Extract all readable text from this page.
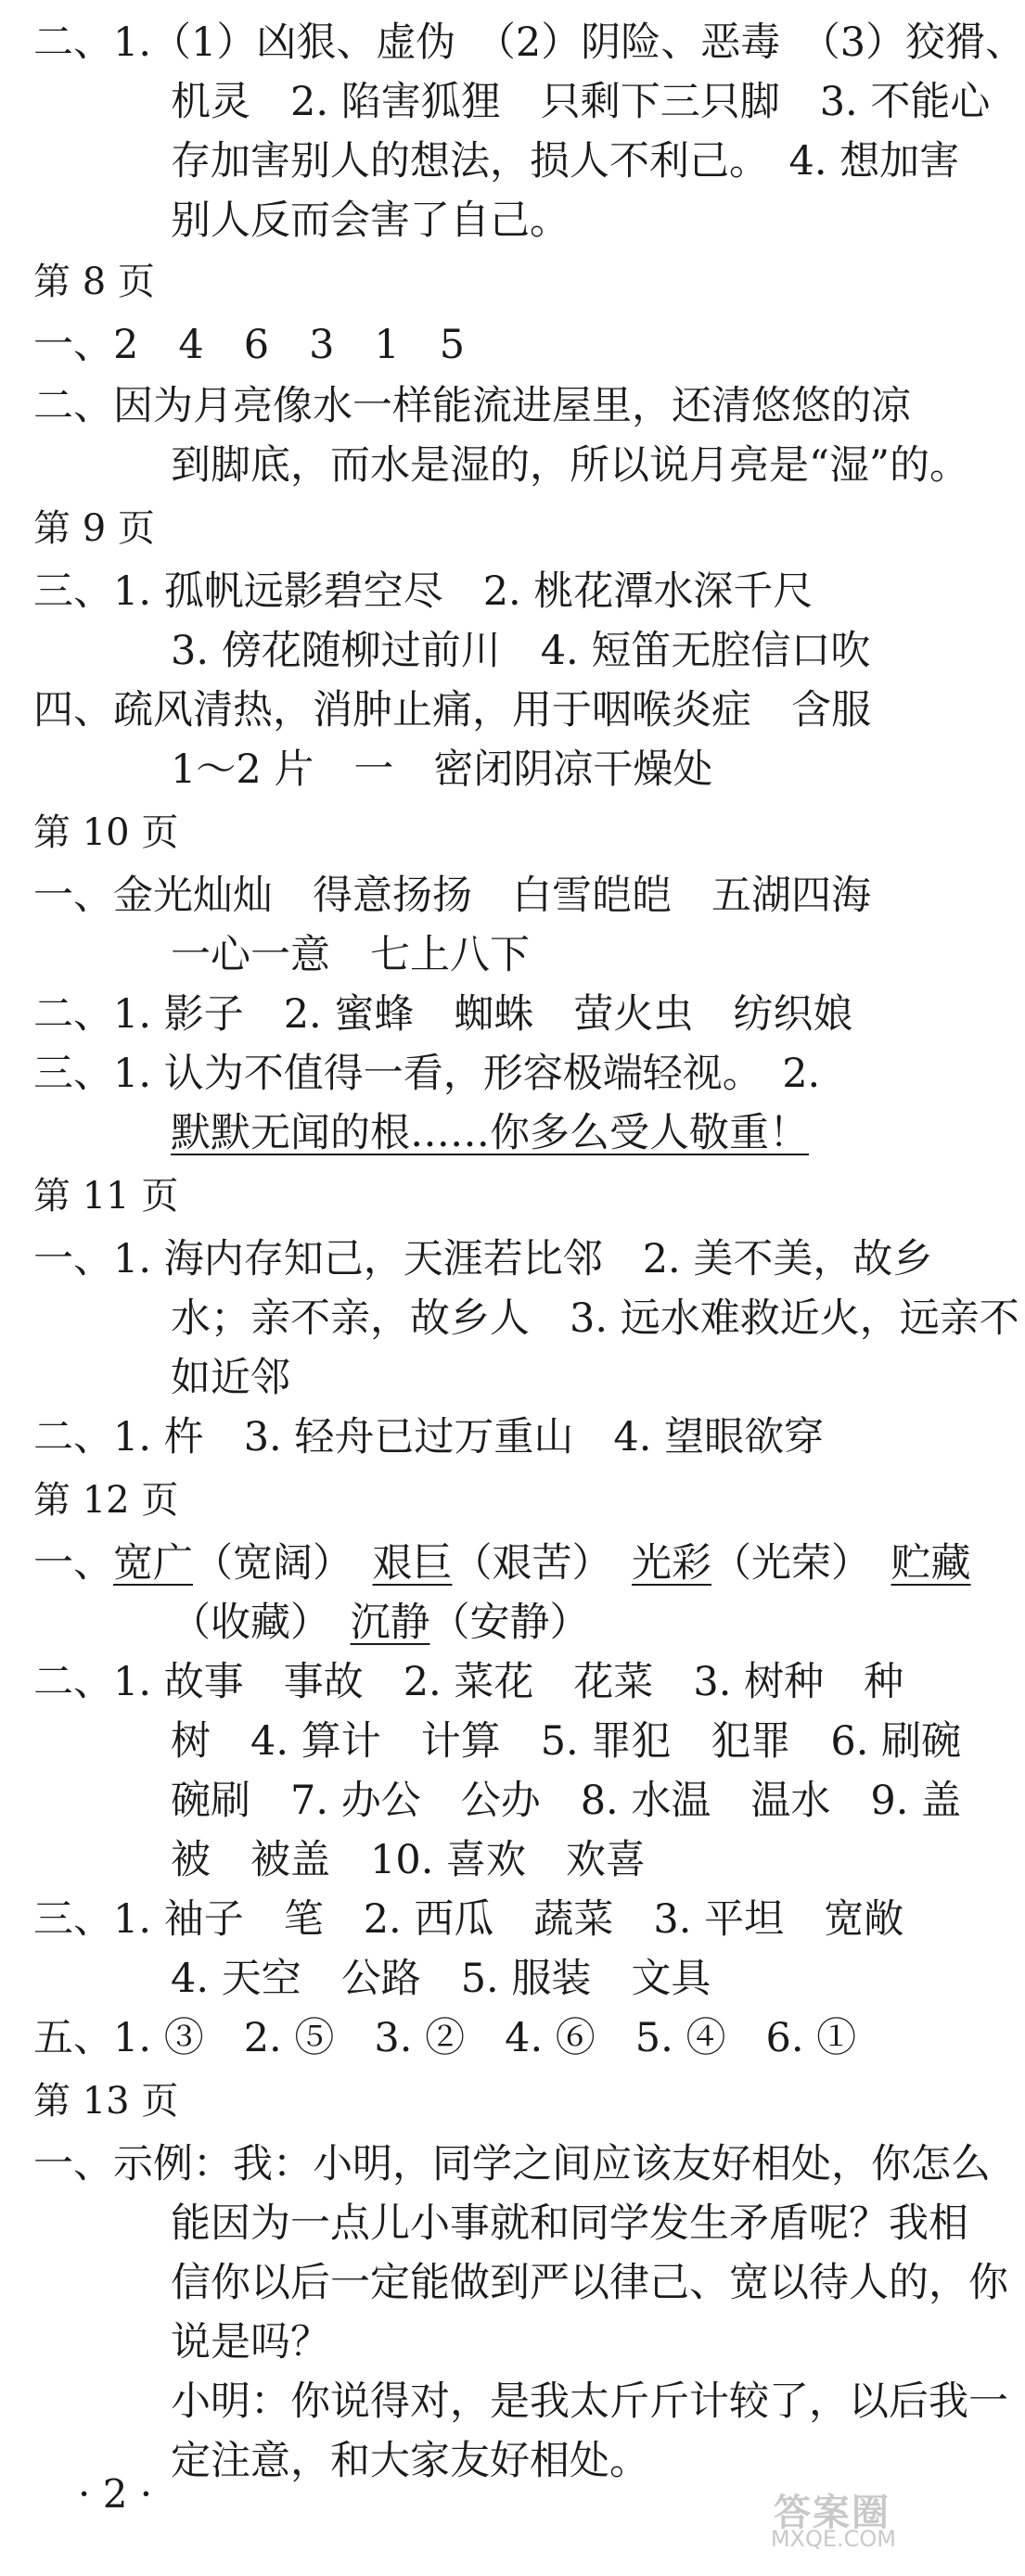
二、1.（1）凶狠、虚伪　（2）阴险、恶毒　（3）狡猾、
机灵　2. 陷害狐狸　只剩下三只脚　3. 不能心
存加害别人的想法，损人不利己。　4. 想加害
别人反而会害了自己。
第 8 页
一、2　4　6　3　1　5
二、因为月亮像水一样能流进屋里，还清悠悠的凉
到脚底，而水是湿的，所以说月亮是“湿”的。
第 9 页
三、1. 孤帆远影碧空尽　2. 桃花潭水深千尺
3. 傍花随柳过前川　4. 短笛无腔信口吹
四、疏风清热，消肿止痛，用于咽喉炎症　含服
1～2 片　一　密闭阴凉干燥处
第 10 页
一、金光灿灿　得意扬扬　白雪皑皑　五湖四海
一心一意　七上八下
二、1. 影子　2. 蜜蜂　蜘蛛　萤火虫　纺织娘
三、1. 认为不值得一看，形容极端轻视。　2.
默默无闻的根……你多么受人敬重！
第 11 页
一、1. 海内存知己，天涯若比邻　2. 美不美，故乡
水；亲不亲，故乡人　3. 远水难救近火，远亲不
如近邻
二、1. 杵　3. 轻舟已过万重山　4. 望眼欲穿
第 12 页
一、宽广（宽阔）　艰巨（艰苦）　光彩（光荣）　贮藏
（收藏）　沉静（安静）
二、1. 故事　事故　2. 菜花　花菜　3. 树种　种
树　4. 算计　计算　5. 罪犯　犯罪　6. 刷碗
碗刷　7. 办公　公办　8. 水温　温水　9. 盖
被　被盖　10. 喜欢　欢喜
三、1. 袖子　笔　2. 西瓜　蔬菜　3. 平坦　宽敞
4. 天空　公路　5. 服装　文具
五、1. ③　2. ⑤　3. ②　4. ⑥　5. ④　6. ①
第 13 页
一、示例：我：小明，同学之间应该友好相处，你怎么
能因为一点儿小事就和同学发生矛盾呢？我相
信你以后一定能做到严以律己、宽以待人的，你
说是吗？
小明：你说得对，是我太斤斤计较了，以后我一
定注意，和大家友好相处。
· 2 ·	答案圈
MXQE.COM
